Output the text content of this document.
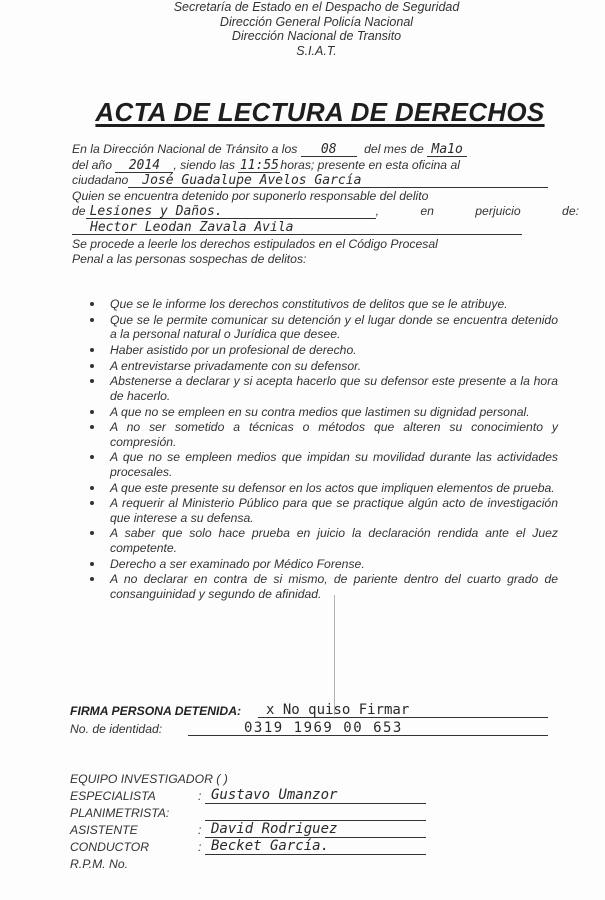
Secretaría de Estado en el Despacho de Seguridad
Dirección General Policía Nacional
Dirección Nacional de Transito
S.I.A.T.
ACTA DE LECTURA DE DERECHOS
En la Dirección Nacional de Tránsito a los 08 del mes de Ma1o
del año 2014 , siendo las 11:55horas; presente en esta oficina al
ciudadano José Guadalupe Avelos García
Quien se encuentra detenido por suponerlo responsable del delito
de Lesiones y Daños.	, en perjuicio de:
Hector Leodan Zavala Avila
Se procede a leerle los derechos estipulados en el Código Procesal
Penal a las personas sospechas de delitos:
Que se le informe los derechos constitutivos de delitos que se le atribuye.
Que se le permite comunicar su detención y el lugar donde se encuentra detenido a la personal natural o Jurídica que desee.
Haber asistido por un profesional de derecho.
A entrevistarse privadamente con su defensor.
Abstenerse a declarar y si acepta hacerlo que su defensor este presente a la hora de hacerlo.
A que no se empleen en su contra medios que lastimen su dignidad personal.
A no ser sometido a técnicas o métodos que alteren su conocimiento y compresión.
A que no se empleen medios que impidan su movilidad durante las actividades procesales.
A que este presente su defensor en los actos que impliquen elementos de prueba.
A requerir al Ministerio Público para que se practique algún acto de investigación que interese a su defensa.
A saber que solo hace prueba en juicio la declaración rendida ante el Juez competente.
Derecho a ser examinado por Médico Forense.
A no declarar en contra de si mismo, de pariente dentro del cuarto grado de consanguinidad y segundo de afinidad.
FIRMA PERSONA DETENIDA:	x No quiso Firmar
No. de identidad:	0319 1969 00 653
EQUIPO INVESTIGADOR ( )
ESPECIALISTA	: Gustavo Umanzor
PLANIMETRISTA:
ASISTENTE	: David Rodriguez
CONDUCTOR	: Becket García.
R.P.M. No.
